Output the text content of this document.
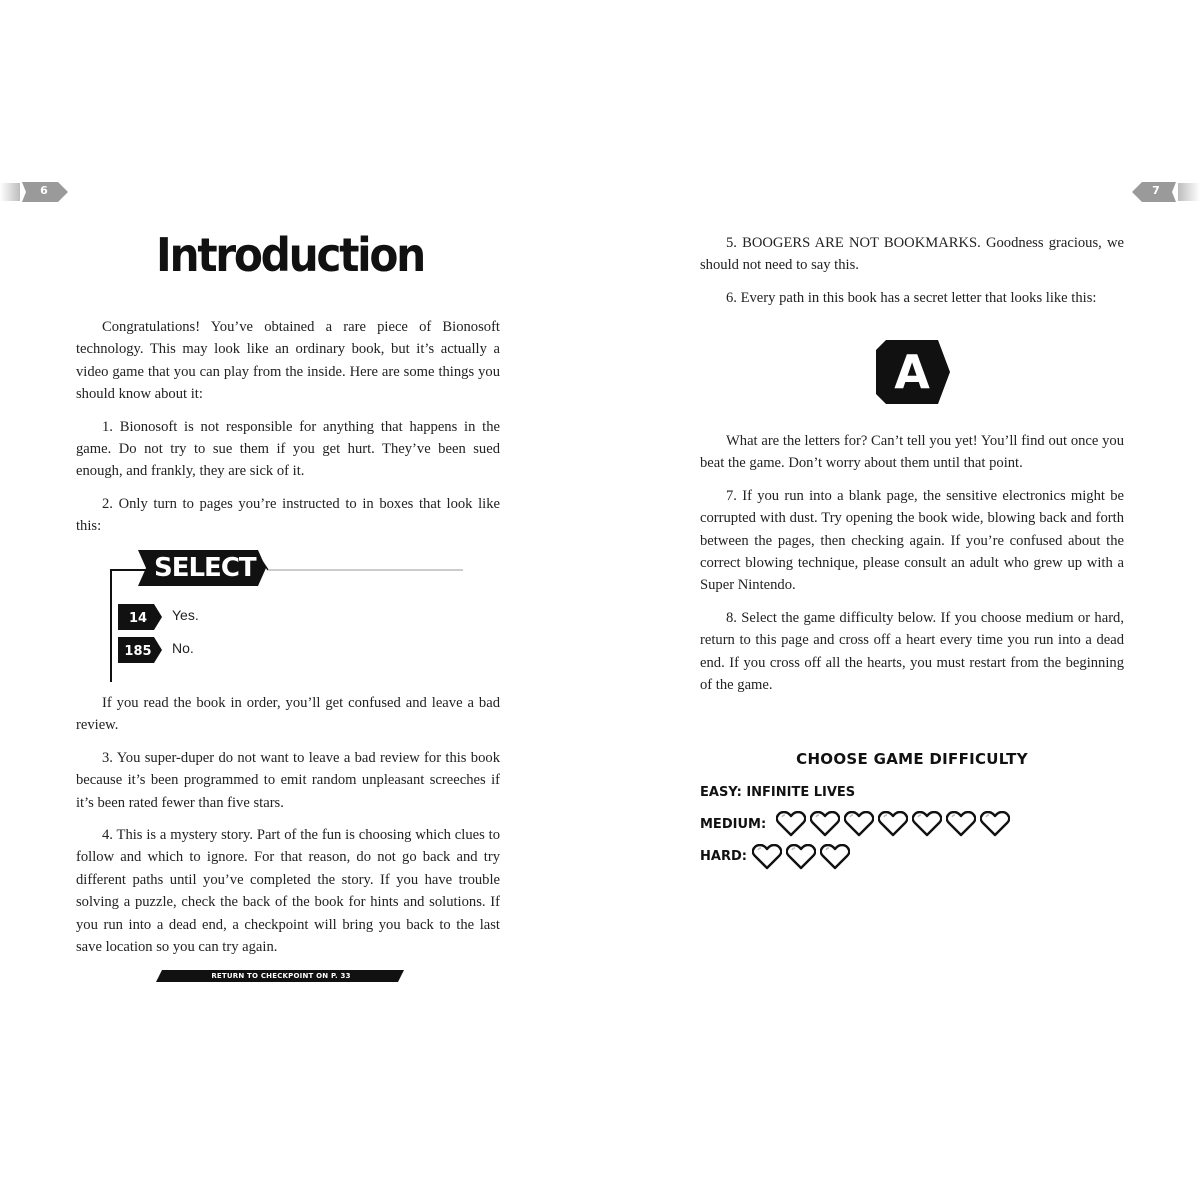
6	7
Introduction

Congratulations! You’ve obtained a rare piece of Bionosoft technology. This may look like an ordinary book, but it’s actually a video game that you can play from the inside. Here are some things you should know about it:

1. Bionosoft is not responsible for anything that happens in the game. Do not try to sue them if you get hurt. They’ve been sued enough, and frankly, they are sick of it.

2. Only turn to pages you’re instructed to in boxes that look like this:

SELECT
14	Yes.
185	No.

If you read the book in order, you’ll get confused and leave a bad review.

3. You super-duper do not want to leave a bad review for this book because it’s been programmed to emit random unpleasant screeches if it’s been rated fewer than five stars.

4. This is a mystery story. Part of the fun is choosing which clues to follow and which to ignore. For that reason, do not go back and try different paths until you’ve completed the story. If you have trouble solving a puzzle, check the back of the book for hints and solutions. If you run into a dead end, a checkpoint will bring you back to the last save location so you can try again.

RETURN TO CHECKPOINT ON P. 33

5. BOOGERS ARE NOT BOOKMARKS. Goodness gracious, we should not need to say this.

6. Every path in this book has a secret letter that looks like this:

A

What are the letters for? Can’t tell you yet! You’ll find out once you beat the game. Don’t worry about them until that point.

7. If you run into a blank page, the sensitive electronics might be corrupted with dust. Try opening the book wide, blowing back and forth between the pages, then checking again. If you’re confused about the correct blowing technique, please consult an adult who grew up with a Super Nintendo.

8. Select the game difficulty below. If you choose medium or hard, return to this page and cross off a heart every time you run into a dead end. If you cross off all the hearts, you must restart from the beginning of the game.

CHOOSE GAME DIFFICULTY
EASY: INFINITE LIVES
MEDIUM:
HARD:
